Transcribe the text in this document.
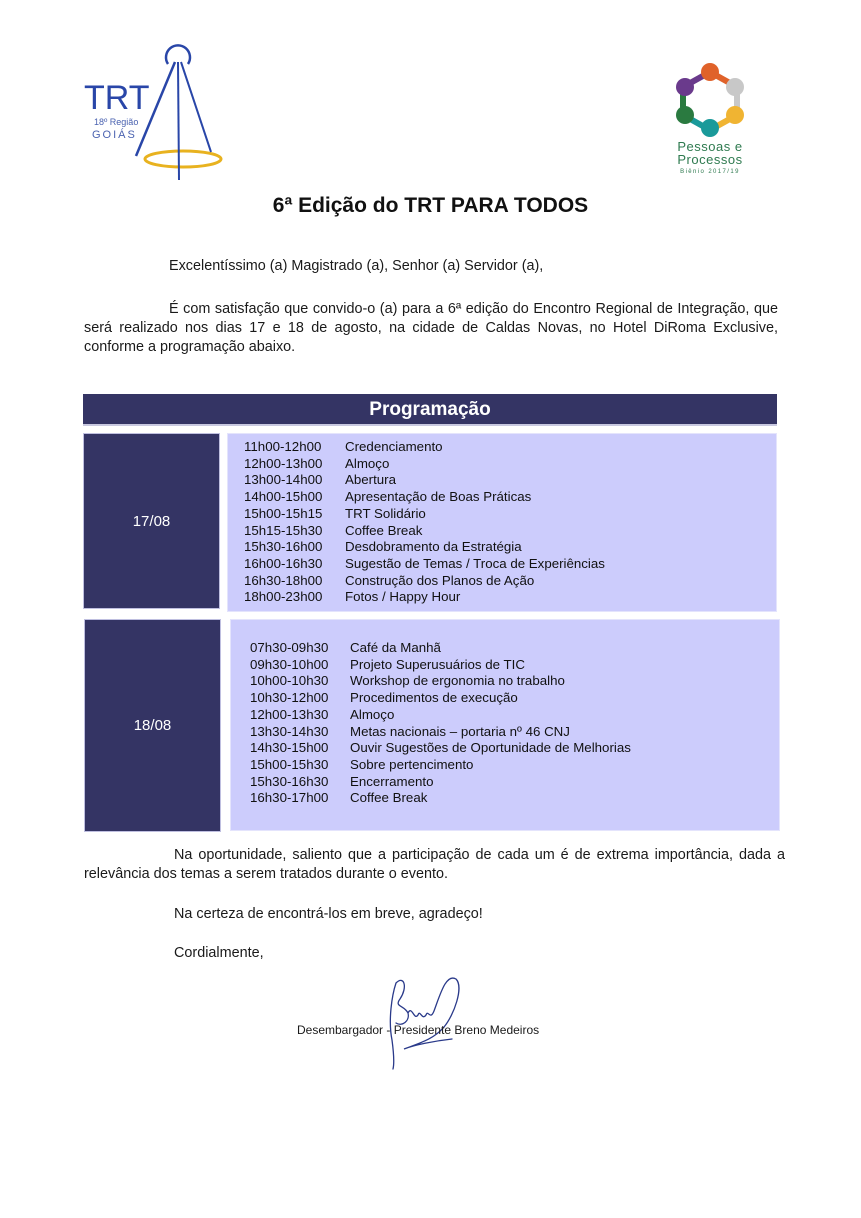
TRT
18º Região
GOIÁS
Pessoas e
Processos
Biênio 2017/19
6ª Edição do TRT PARA TODOS
Excelentíssimo (a) Magistrado (a), Senhor (a) Servidor (a),
É com satisfação que convido-o (a) para a 6ª edição do Encontro Regional de Integração, que será realizado nos dias 17 e 18 de agosto, na cidade de Caldas Novas, no Hotel DiRoma Exclusive, conforme a programação abaixo.
Programação
17/08
11h00-12h00	Credenciamento
12h00-13h00	Almoço
13h00-14h00	Abertura
14h00-15h00	Apresentação de Boas Práticas
15h00-15h15	TRT Solidário
15h15-15h30	Coffee Break
15h30-16h00	Desdobramento da Estratégia
16h00-16h30	Sugestão de Temas / Troca de Experiências
16h30-18h00	Construção dos Planos de Ação
18h00-23h00	Fotos / Happy Hour
18/08
07h30-09h30	Café da Manhã
09h30-10h00	Projeto Superusuários de TIC
10h00-10h30	Workshop de ergonomia no trabalho
10h30-12h00	Procedimentos de execução
12h00-13h30	Almoço
13h30-14h30	Metas nacionais – portaria nº 46 CNJ
14h30-15h00	Ouvir Sugestões de Oportunidade de Melhorias
15h00-15h30	Sobre pertencimento
15h30-16h30	Encerramento
16h30-17h00	Coffee Break
Na oportunidade, saliento que a participação de cada um é de extrema importância, dada a relevância dos temas a serem tratados durante o evento.
Na certeza de encontrá-los em breve, agradeço!
Cordialmente,
Desembargador - Presidente Breno Medeiros
